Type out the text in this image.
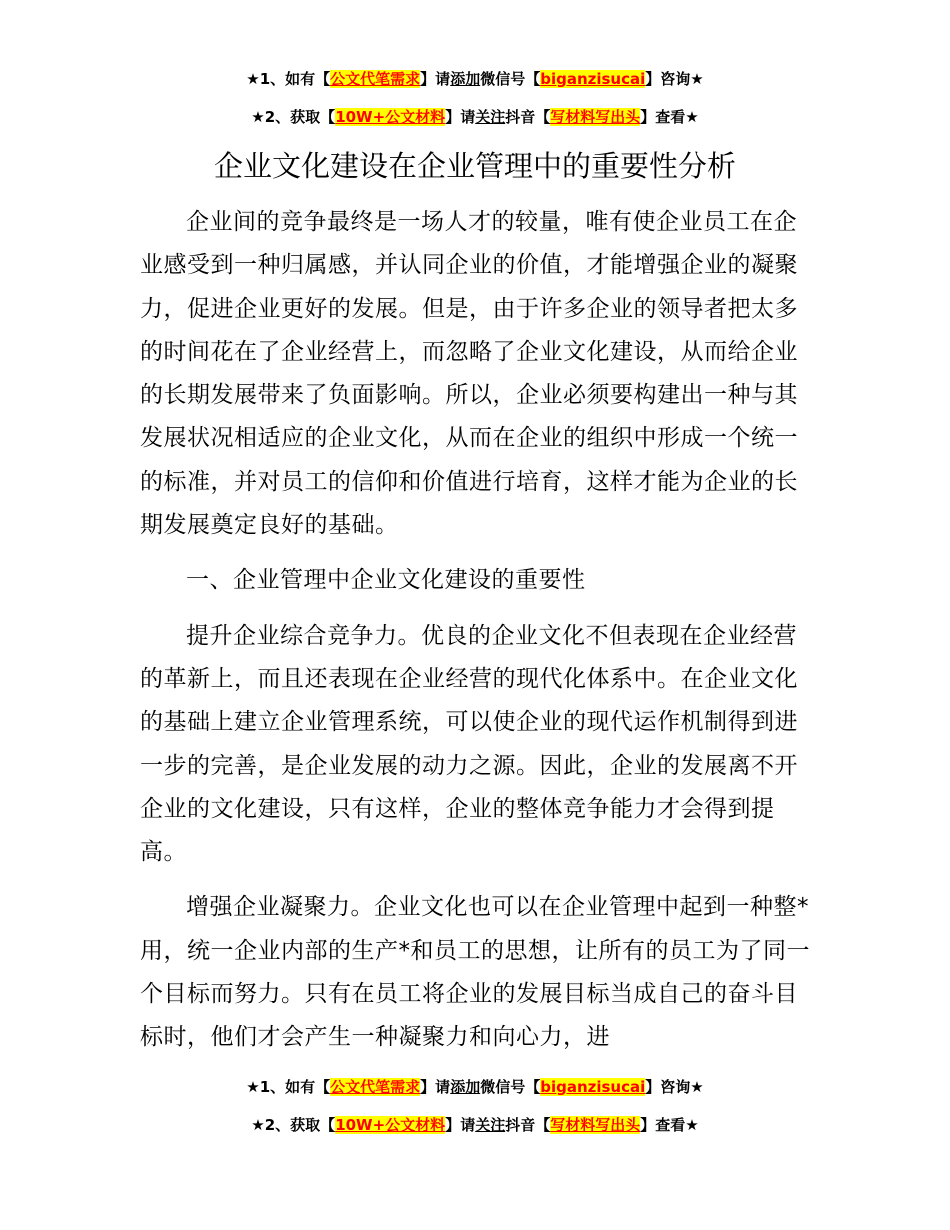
★1、如有【公文代笔需求】请添加微信号【biganzisucai】咨询★
★2、获取【10W+公文材料】请关注抖音【写材料写出头】查看★
企业文化建设在企业管理中的重要性分析

企业间的竞争最终是一场人才的较量，唯有使企业员工在企业感受到一种归属感，并认同企业的价值，才能增强企业的凝聚力，促进企业更好的发展。但是，由于许多企业的领导者把太多的时间花在了企业经营上，而忽略了企业文化建设，从而给企业的长期发展带来了负面影响。所以，企业必须要构建出一种与其发展状况相适应的企业文化，从而在企业的组织中形成一个统一的标准，并对员工的信仰和价值进行培育，这样才能为企业的长期发展奠定良好的基础。

一、企业管理中企业文化建设的重要性

提升企业综合竞争力。优良的企业文化不但表现在企业经营的革新上，而且还表现在企业经营的现代化体系中。在企业文化的基础上建立企业管理系统，可以使企业的现代运作机制得到进一步的完善，是企业发展的动力之源。因此，企业的发展离不开企业的文化建设，只有这样，企业的整体竞争能力才会得到提高。

增强企业凝聚力。企业文化也可以在企业管理中起到一种整*用，统一企业内部的生产*和员工的思想，让所有的员工为了同一个目标而努力。只有在员工将企业的发展目标当成自己的奋斗目标时，他们才会产生一种凝聚力和向心力，进

★1、如有【公文代笔需求】请添加微信号【biganzisucai】咨询★
★2、获取【10W+公文材料】请关注抖音【写材料写出头】查看★
